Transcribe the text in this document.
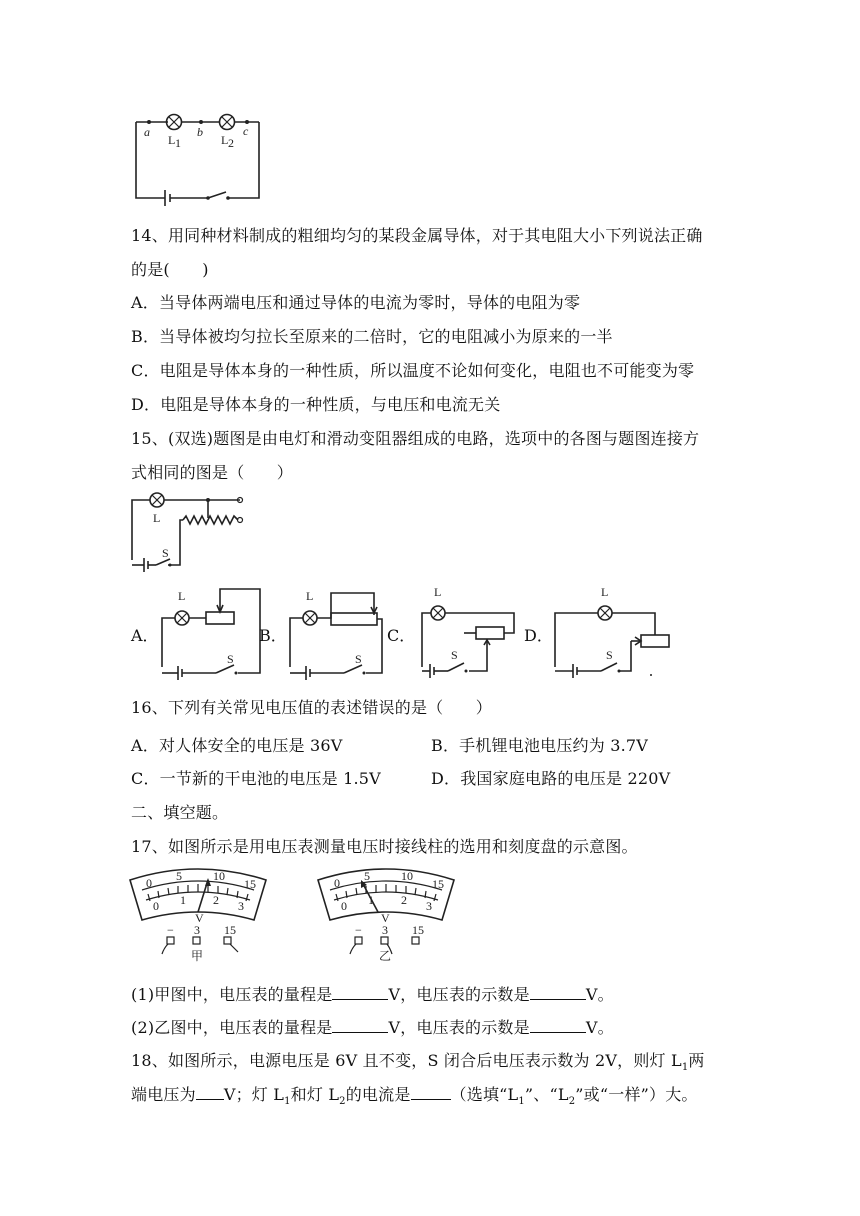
a	b	c
L 1	L 2
14、用同种材料制成的粗细均匀的某段金属导体，对于其电阻大小下列说法正确
的是(　　)
A．当导体两端电压和通过导体的电流为零时，导体的电阻为零
B．当导体被均匀拉长至原来的二倍时，它的电阻减小为原来的一半
C．电阻是导体本身的一种性质，所以温度不论如何变化，电阻也不可能变为零
D．电阻是导体本身的一种性质，与电压和电流无关
15、(双选)题图是由电灯和滑动变阻器组成的电路，选项中的各图与题图连接方
式相同的图是（　　）
L
S
A．
L
S
B．
L
S
C．
L
S
D．
L
S
16、下列有关常见电压值的表述错误的是（　　）
A．对人体安全的电压是 36V	B．手机锂电池电压约为 3.7V
C．一节新的干电池的电压是 1.5V	D．我国家庭电路的电压是 220V
二、填空题。
17、如图所示是用电压表测量电压时接线柱的选用和刻度盘的示意图。
V
0 5	10
15
0 1 2 3
− 3 15
甲
V
0 5	10
15
0 1 2 3
− 3 15
乙
(1)甲图中，电压表的量程是	V，电压表的示数是	V。
(2)乙图中，电压表的量程是	V，电压表的示数是	V。
18、如图所示，电源电压是 6V 且不变，S 闭合后电压表示数为 2V，则灯 $L_1$两
端电压为 V；灯 $L_1$和灯 $L_2$的电流是	（选填“$L_1$”、“$L_2$”或“一样”）大。
